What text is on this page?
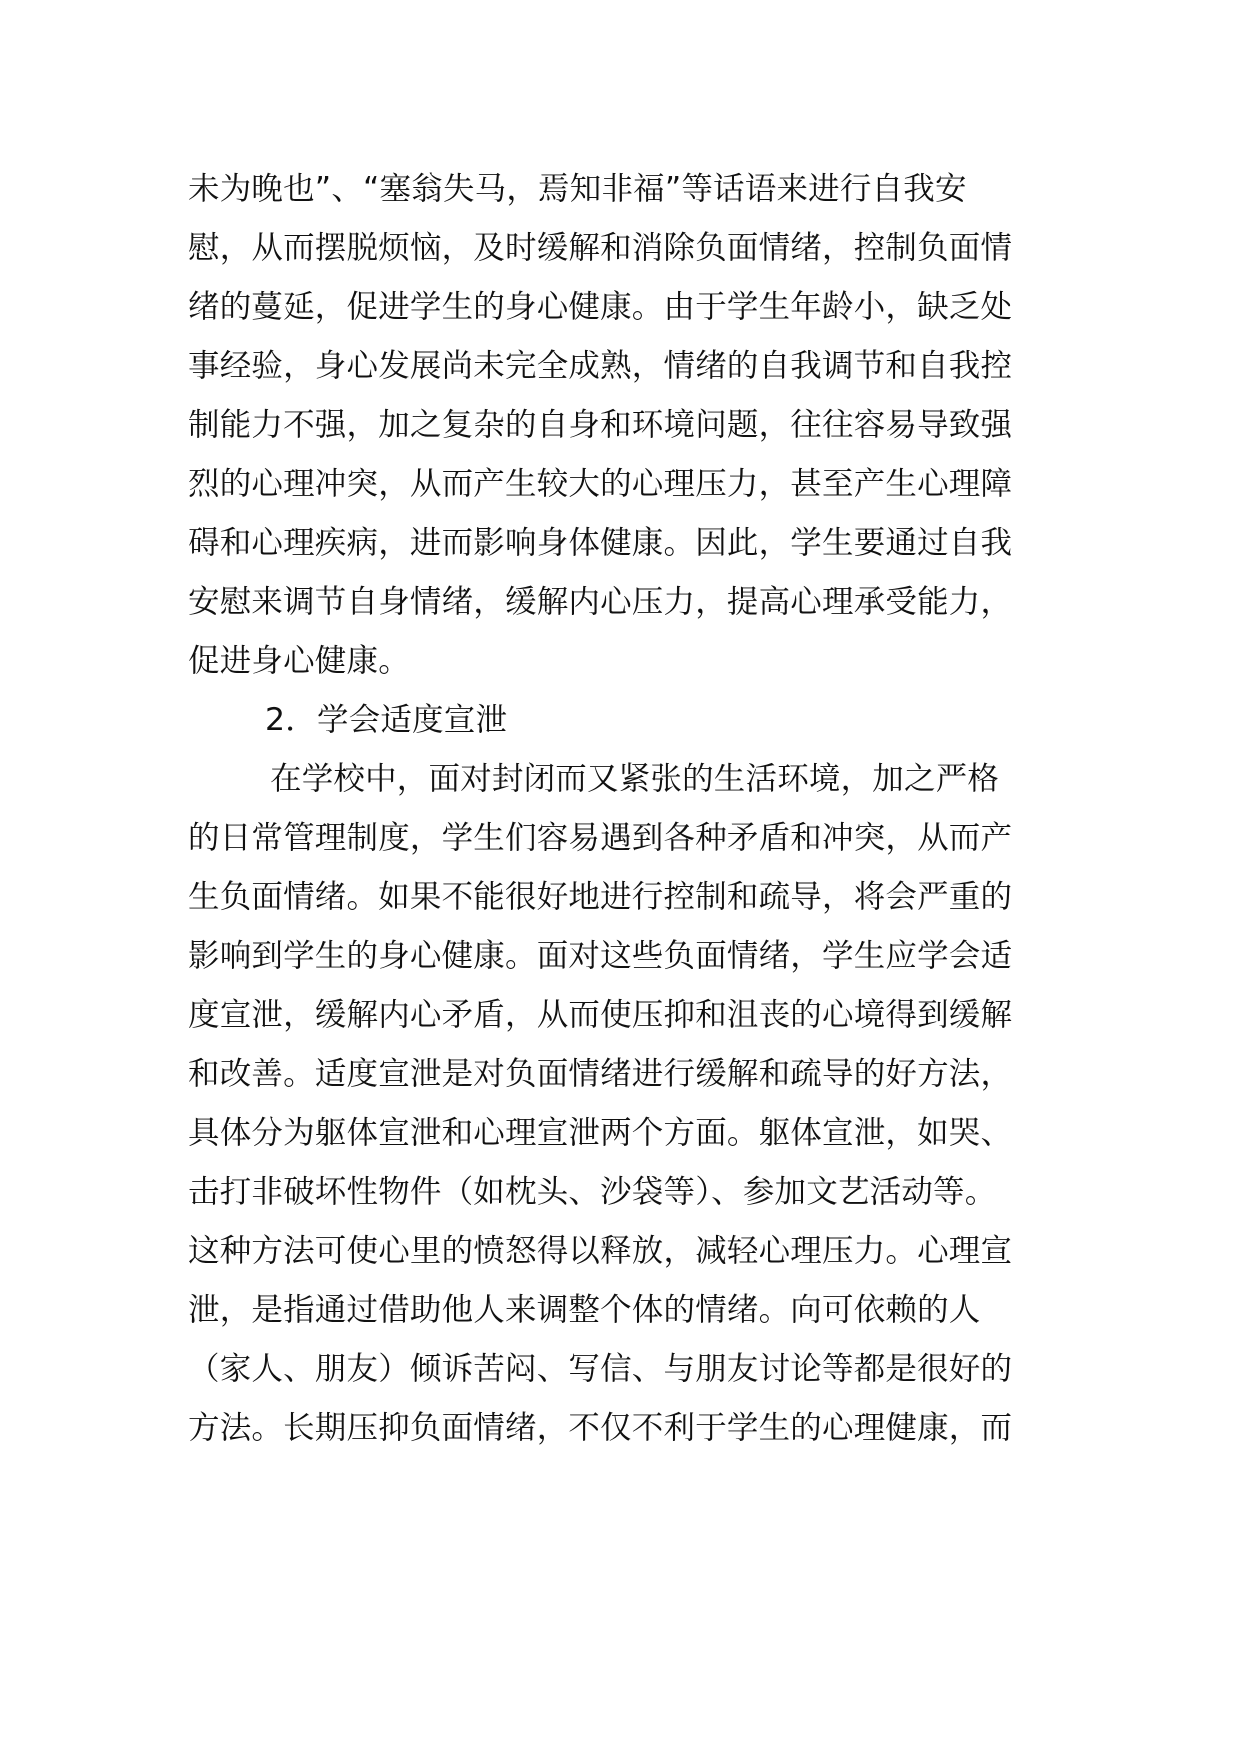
未为晚也”、“塞翁失马，焉知非福”等话语来进行自我安
慰，从而摆脱烦恼，及时缓解和消除负面情绪，控制负面情
绪的蔓延，促进学生的身心健康。由于学生年龄小，缺乏处
事经验，身心发展尚未完全成熟，情绪的自我调节和自我控
制能力不强，加之复杂的自身和环境问题，往往容易导致强
烈的心理冲突，从而产生较大的心理压力，甚至产生心理障
碍和心理疾病，进而影响身体健康。因此，学生要通过自我
安慰来调节自身情绪，缓解内心压力，提高心理承受能力，
促进身心健康。
2．学会适度宣泄
在学校中，面对封闭而又紧张的生活环境，加之严格
的日常管理制度，学生们容易遇到各种矛盾和冲突，从而产
生负面情绪。如果不能很好地进行控制和疏导，将会严重的
影响到学生的身心健康。面对这些负面情绪，学生应学会适
度宣泄，缓解内心矛盾，从而使压抑和沮丧的心境得到缓解
和改善。适度宣泄是对负面情绪进行缓解和疏导的好方法，
具体分为躯体宣泄和心理宣泄两个方面。躯体宣泄，如哭、
击打非破坏性物件（如枕头、沙袋等）、参加文艺活动等。
这种方法可使心里的愤怒得以释放，减轻心理压力。心理宣
泄，是指通过借助他人来调整个体的情绪。向可依赖的人
（家人、朋友）倾诉苦闷、写信、与朋友讨论等都是很好的
方法。长期压抑负面情绪，不仅不利于学生的心理健康，而
